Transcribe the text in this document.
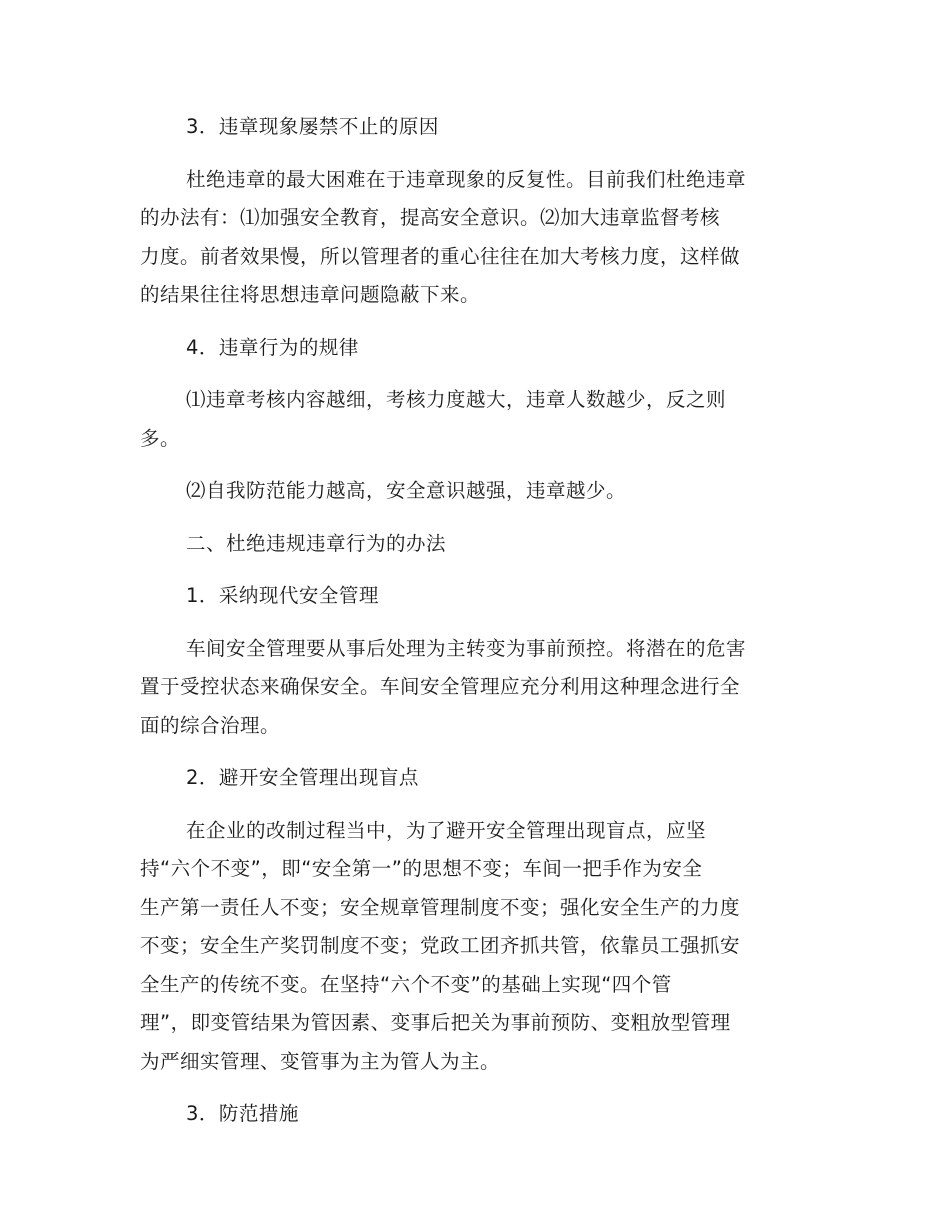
3．违章现象屡禁不止的原因

杜绝违章的最大困难在于违章现象的反复性。目前我们杜绝违章
的办法有：⑴加强安全教育，提高安全意识。⑵加大违章监督考核
力度。前者效果慢，所以管理者的重心往往在加大考核力度，这样做
的结果往往将思想违章问题隐蔽下来。

4．违章行为的规律

⑴违章考核内容越细，考核力度越大，违章人数越少，反之则
多。
⑵自我防范能力越高，安全意识越强，违章越少。

二、杜绝违规违章行为的办法

1．采纳现代安全管理

车间安全管理要从事后处理为主转变为事前预控。将潜在的危害
置于受控状态来确保安全。车间安全管理应充分利用这种理念进行全
面的综合治理。

2．避开安全管理出现盲点

在企业的改制过程当中，为了避开安全管理出现盲点，应坚
持“六个不变”，即“安全第一”的思想不变；车间一把手作为安全
生产第一责任人不变；安全规章管理制度不变；强化安全生产的力度
不变；安全生产奖罚制度不变；党政工团齐抓共管，依靠员工强抓安
全生产的传统不变。在坚持“六个不变”的基础上实现“四个管
理”，即变管结果为管因素、变事后把关为事前预防、变粗放型管理
为严细实管理、变管事为主为管人为主。

3．防范措施
